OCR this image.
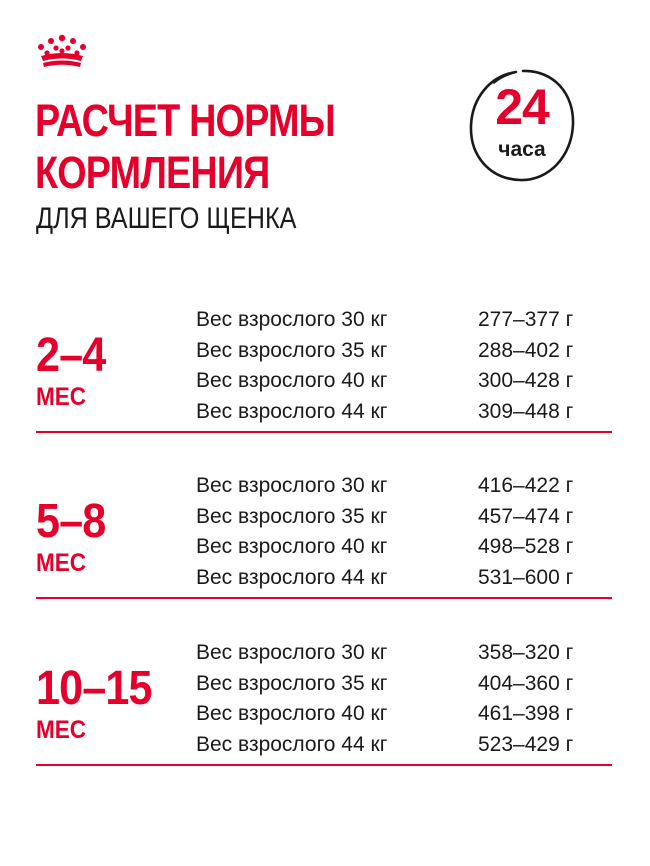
РАСЧЕТ НОРМЫ
КОРМЛЕНИЯ
ДЛЯ ВАШЕГО ЩЕНКА
24
часа
2–4
МЕС
Вес взрослого 30 кг	277–377 г
Вес взрослого 35 кг	288–402 г
Вес взрослого 40 кг	300–428 г
Вес взрослого 44 кг	309–448 г
5–8
МЕС
Вес взрослого 30 кг	416–422 г
Вес взрослого 35 кг	457–474 г
Вес взрослого 40 кг	498–528 г
Вес взрослого 44 кг	531–600 г
10–15
МЕС
Вес взрослого 30 кг	358–320 г
Вес взрослого 35 кг	404–360 г
Вес взрослого 40 кг	461–398 г
Вес взрослого 44 кг	523–429 г
